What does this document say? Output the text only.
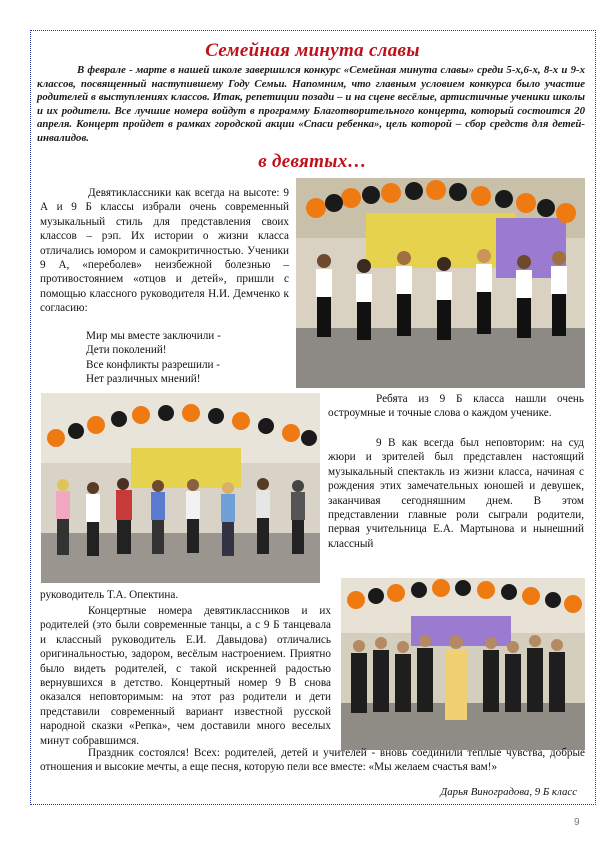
Семейная минута славы
В феврале - марте в нашей школе завершился конкурс «Семейная минута славы» среди 5-х,6-х, 8-х и 9-х классов, посвященный наступившему Году Семьи. Напомним, что главным условием конкурса было участие родителей в выступлениях классов. Итак, репетиции позади – и на сцене весёлые, артистичные ученики школы и их родители. Все лучшие номера войдут в программу Благотворительного концерта, который состоится 20 апреля. Концерт пройдет в рамках городской акции «Спаси ребенка», цель которой – сбор средств для детей-инвалидов.
в девятых…
Девятиклассники как всегда на высоте: 9 А и 9 Б классы избрали очень современный музыкальный стиль для представления своих классов – рэп. Их истории о жизни класса отличались юмором и самокритичностью. Ученики 9 А, «переболев» неизбежной болезнью – противостоянием «отцов и детей», пришли с помощью классного руководителя Н.И. Демченко к согласию:
Мир мы вместе заключили -
Дети поколений!
Все конфликты разрешили -
Нет различных мнений!
Ребята из 9 Б класса нашли очень остроумные и точные слова о каждом ученике.
9 В как всегда был неповторим: на суд жюри и зрителей был представлен настоящий музыкальный спектакль из жизни класса, начиная с рождения этих замечательных юношей и девушек, заканчивая сегодняшним днем. В этом представлении главные роли сыграли родители, первая учительница Е.А. Мартынова и нынешний классный
руководитель Т.А. Опектина.
Концертные номера девятиклассников и их родителей (это были современные танцы, а с 9 Б танцевала и классный руководитель Е.И. Давыдова) отличались оригинальностью, задором, весёлым настроением. Приятно было видеть родителей, с такой искренней радостью вернувшихся в детство. Концертный номер 9 В снова оказался неповторимым: на этот раз родители и дети представили современный вариант известной русской народной сказки «Репка», чем доставили много веселых минут собравшимся.
Праздник состоялся! Всех: родителей, детей и учителей - вновь соединили теплые чувства, добрые отношения и высокие мечты, а еще песня, которую пели все вместе: «Мы желаем счастья вам!»
Дарья Виноградова, 9 Б класс
9
